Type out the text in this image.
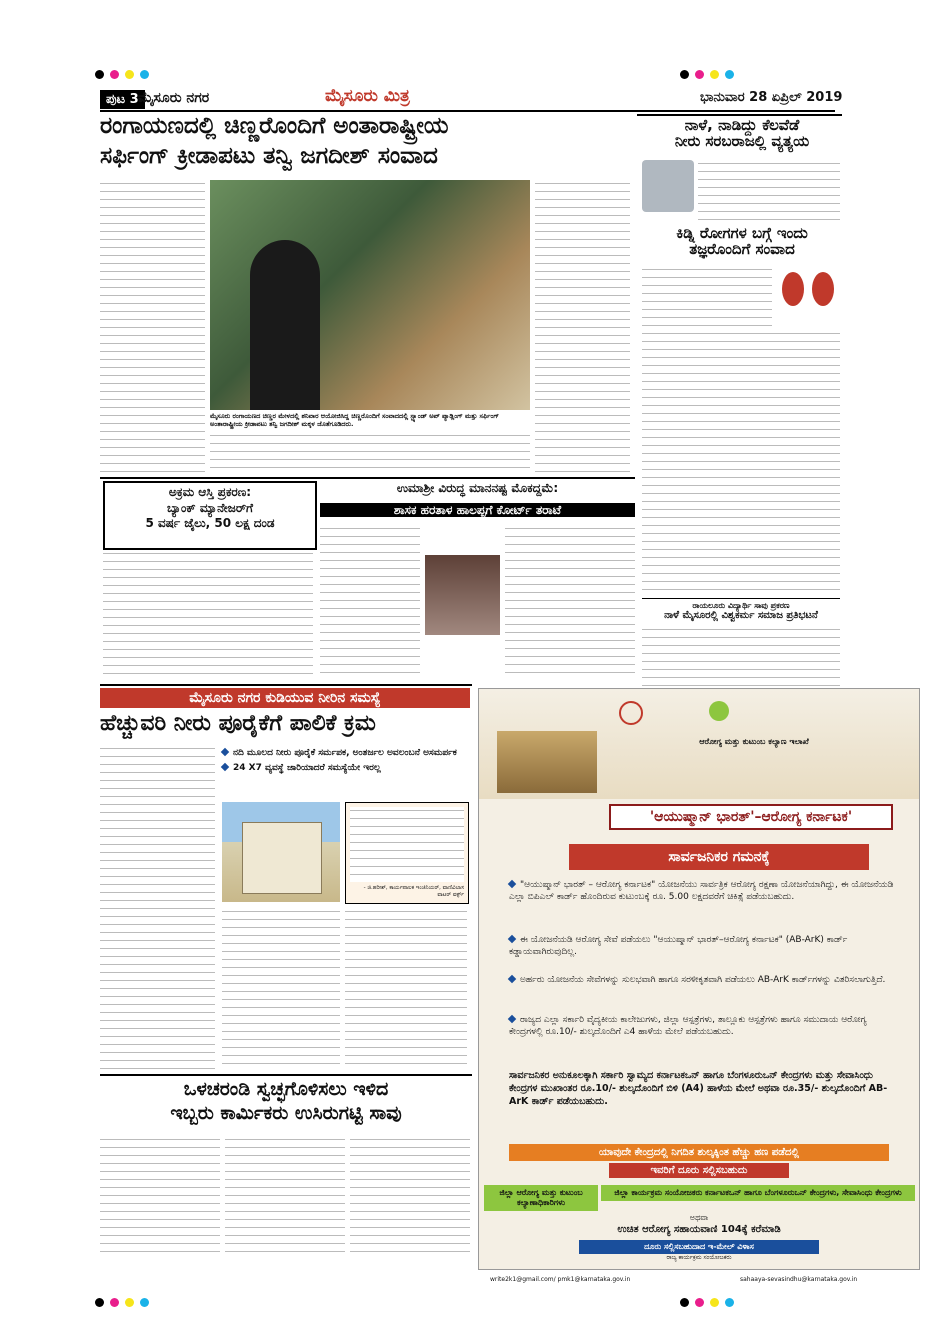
ಪುಟ 3 ಮೈಸೂರು ನಗರ	ಮೈಸೂರು ಮಿತ್ರ	ಭಾನುವಾರ 28 ಏಪ್ರಿಲ್ 2019
ರಂಗಾಯಣದಲ್ಲಿ ಚಿಣ್ಣರೊಂದಿಗೆ ಅಂತಾರಾಷ್ಟ್ರೀಯ
ಸರ್ಫಿಂಗ್ ಕ್ರೀಡಾಪಟು ತನ್ವಿ ಜಗದೀಶ್ ಸಂವಾದ
ಮೈಸೂರು ರಂಗಾಯಣದ ಚಿಣ್ಣರ ಮೇಳದಲ್ಲಿ ಶನಿವಾರ ಆಯೋಜಿಸಿದ್ದ ಚಿಣ್ಣರೊಂದಿಗೆ ಸಂವಾದದಲ್ಲಿ ಸ್ಟ್ಯಾಂಡ್ ಅಪ್ ಪ್ಯಾಡ್ಲಿಂಗ್ ಮತ್ತು ಸರ್ಫಿಂಗ್ ಅಂತಾರಾಷ್ಟ್ರೀಯ ಕ್ರೀಡಾಪಟು ತನ್ವಿ ಜಗದೀಶ್ ಮಕ್ಕಳ ಜೊತೆಗೂಡಿದರು.
ನಾಳೆ, ನಾಡಿದ್ದು ಕೆಲವೆಡೆ
ನೀರು ಸರಬರಾಜಲ್ಲಿ ವ್ಯತ್ಯಯ
ಕಿಡ್ನಿ ರೋಗಗಳ ಬಗ್ಗೆ ಇಂದು
ತಜ್ಞರೊಂದಿಗೆ ಸಂವಾದ
ರಾಯಲೂರು ವಿದ್ಯಾರ್ಥಿ ಸಾವು ಪ್ರಕರಣ
ನಾಳೆ ಮೈಸೂರಲ್ಲಿ ವಿಶ್ವಕರ್ಮ ಸಮಾಜ ಪ್ರತಿಭಟನೆ
ಅಕ್ರಮ ಆಸ್ತಿ ಪ್ರಕರಣ:
ಬ್ಯಾಂಕ್ ಮ್ಯಾನೇಜರ್‌ಗೆ
5 ವರ್ಷ ಜೈಲು, 50 ಲಕ್ಷ ದಂಡ
ಉಮಾಶ್ರೀ ವಿರುದ್ಧ ಮಾನನಷ್ಟ ಮೊಕದ್ದಮೆ:
ಶಾಸಕ ಹರತಾಳ ಹಾಲಪ್ಪಗೆ ಕೋರ್ಟ್ ತರಾಟೆ
ಮೈಸೂರು ನಗರ ಕುಡಿಯುವ ನೀರಿನ ಸಮಸ್ಯೆ
ಹೆಚ್ಚುವರಿ ನೀರು ಪೂರೈಕೆಗೆ ಪಾಲಿಕೆ ಕ್ರಮ
ನದಿ ಮೂಲದ ನೀರು ಪೂರೈಕೆ ಸರ್ಮಪಕ, ಅಂತರ್ಜಲ ಅವಲಂಬನೆ ಅಸಮರ್ಪಕ
24 X7 ವ್ಯವಸ್ಥೆ ಜಾರಿಯಾದರೆ ಸಮಸ್ಯೆಯೇ ಇರಲ್ಲ
- ಜಿ.ಹರೀಶ್, ಕಾರ್ಯಪಾಲಕ ಇಂಜಿನಿಯರ್, ವಾಣಿವಿಲಾಸ ವಾಟರ್ ವರ್ಕ್ಸ್
ಒಳಚರಂಡಿ ಸ್ವಚ್ಛಗೊಳಿಸಲು ಇಳಿದ
ಇಬ್ಬರು ಕಾರ್ಮಿಕರು ಉಸಿರುಗಟ್ಟಿ ಸಾವು
ಆರೋಗ್ಯ ಮತ್ತು ಕುಟುಂಬ ಕಲ್ಯಾಣ ಇಲಾಖೆ
'ಆಯುಷ್ಮಾನ್ ಭಾರತ್'–ಆರೋಗ್ಯ ಕರ್ನಾಟಕ'
ಸಾರ್ವಜನಿಕರ ಗಮನಕ್ಕೆ
"ಆಯುಷ್ಮಾನ್ ಭಾರತ್ – ಆರೋಗ್ಯ ಕರ್ನಾಟಕ" ಯೋಜನೆಯು ಸಾರ್ವತ್ರಿಕ ಆರೋಗ್ಯ ರಕ್ಷಣಾ ಯೋಜನೆಯಾಗಿದ್ದು, ಈ ಯೋಜನೆಯಡಿ ಎಲ್ಲಾ ಬಿಪಿಎಲ್ ಕಾರ್ಡ್ ಹೊಂದಿರುವ ಕುಟುಂಬಕ್ಕೆ ರೂ. 5.00 ಲಕ್ಷದವರೆಗೆ ಚಿಕಿತ್ಸೆ ಪಡೆಯಬಹುದು.
ಈ ಯೋಜನೆಯಡಿ ಆರೋಗ್ಯ ಸೇವೆ ಪಡೆಯಲು "ಆಯುಷ್ಮಾನ್ ಭಾರತ್–ಆರೋಗ್ಯ ಕರ್ನಾಟಕ" (AB-ArK) ಕಾರ್ಡ್ ಕಡ್ಡಾಯವಾಗಿರುವುದಿಲ್ಲ.
ಅರ್ಹರು ಯೋಜನೆಯ ಸೇವೆಗಳನ್ನು ಸುಲಭವಾಗಿ ಹಾಗೂ ಸರಳೀಕೃತವಾಗಿ ಪಡೆಯಲು AB-ArK ಕಾರ್ಡ್‌ಗಳನ್ನು ವಿತರಿಸಲಾಗುತ್ತಿದೆ.
ರಾಜ್ಯದ ಎಲ್ಲಾ ಸರ್ಕಾರಿ ವೈದ್ಯಕೀಯ ಕಾಲೇಜುಗಳು, ಜಿಲ್ಲಾ ಆಸ್ಪತ್ರೆಗಳು, ತಾಲ್ಲೂಕು ಆಸ್ಪತ್ರೆಗಳು ಹಾಗೂ ಸಮುದಾಯ ಆರೋಗ್ಯ ಕೇಂದ್ರಗಳಲ್ಲಿ ರೂ.10/- ಶುಲ್ಕದೊಂದಿಗೆ ಎ4 ಹಾಳೆಯ ಮೇಲೆ ಪಡೆಯಬಹುದು.
ಸಾರ್ವಜನಿಕರ ಅನುಕೂಲಕ್ಕಾಗಿ ಸರ್ಕಾರಿ ಸ್ವಾಮ್ಯದ ಕರ್ನಾಟಕಒನ್ ಹಾಗೂ ಬೆಂಗಳೂರುಒನ್ ಕೇಂದ್ರಗಳು ಮತ್ತು ಸೇವಾಸಿಂಧು ಕೇಂದ್ರಗಳ ಮುಖಾಂತರ ರೂ.10/- ಶುಲ್ಕದೊಂದಿಗೆ ಬಿಳಿ (A4) ಹಾಳೆಯ ಮೇಲೆ ಅಥವಾ ರೂ.35/- ಶುಲ್ಕದೊಂದಿಗೆ AB-ArK ಕಾರ್ಡ್ ಪಡೆಯಬಹುದು.
ಯಾವುದೇ ಕೇಂದ್ರದಲ್ಲಿ ನಿಗದಿತ ಶುಲ್ಕಕ್ಕಿಂತ ಹೆಚ್ಚು ಹಣ ಪಡೆದಲ್ಲಿ
ಇವರಿಗೆ ದೂರು ಸಲ್ಲಿಸಬಹುದು
ಜಿಲ್ಲಾ ಆರೋಗ್ಯ ಮತ್ತು ಕುಟುಂಬ ಕಲ್ಯಾಣಾಧಿಕಾರಿಗಳು
ಜಿಲ್ಲಾ ಕಾರ್ಯಕ್ರಮ ಸಂಯೋಜಕರು ಕರ್ನಾಟಕಒನ್ ಹಾಗೂ ಬೆಂಗಳೂರುಒನ್ ಕೇಂದ್ರಗಳು, ಸೇವಾಸಿಂಧು ಕೇಂದ್ರಗಳು
ಅಥವಾ
ಉಚಿತ ಆರೋಗ್ಯ ಸಹಾಯವಾಣಿ 104ಕ್ಕೆ ಕರೆಮಾಡಿ
ದೂರು ಸಲ್ಲಿಸಬಹುದಾದ ಇ-ಮೇಲ್ ವಿಳಾಸ
ರಾಜ್ಯ ಕಾರ್ಯಕ್ರಮ ಸಂಯೋಜಕರು
write2k1@gmail.com/ pmk1@karnataka.gov.in	sahaaya-sevasindhu@karnataka.gov.in
